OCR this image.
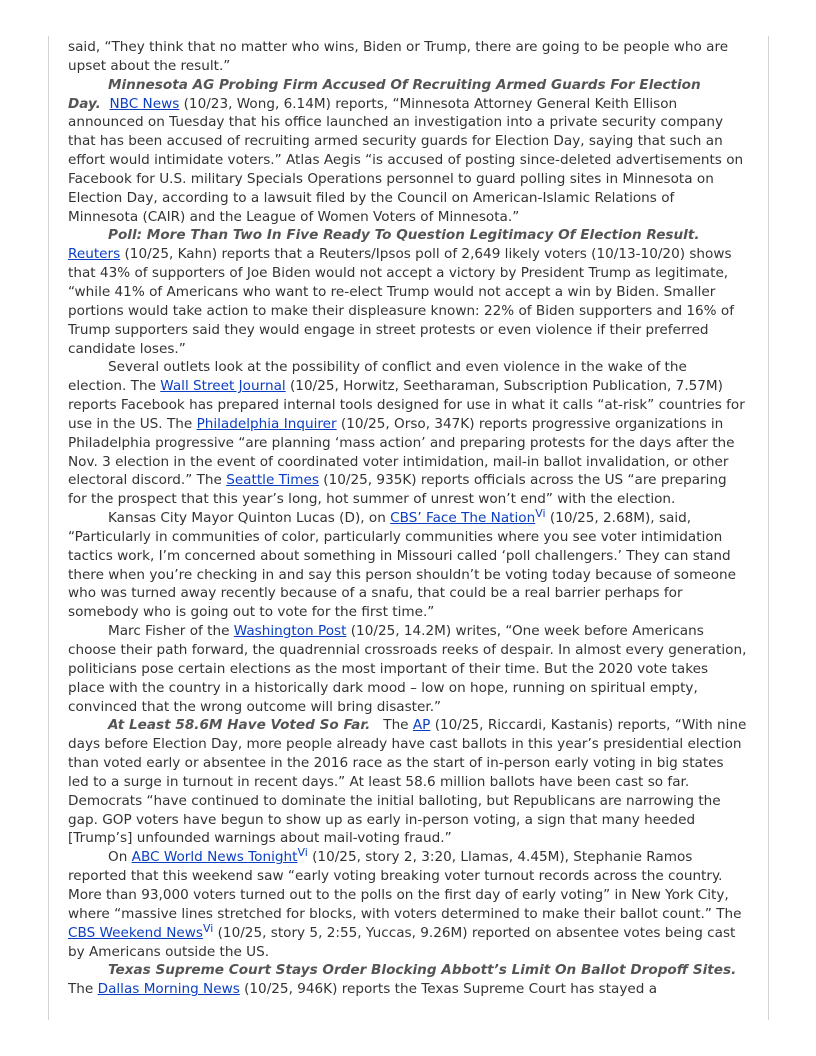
said, “They think that no matter who wins, Biden or Trump, there are going to be people who are upset about the result.”

Minnesota AG Probing Firm Accused Of Recruiting Armed Guards For Election Day. NBC News (10/23, Wong, 6.14M) reports, “Minnesota Attorney General Keith Ellison announced on Tuesday that his office launched an investigation into a private security company that has been accused of recruiting armed security guards for Election Day, saying that such an effort would intimidate voters.” Atlas Aegis “is accused of posting since-deleted advertisements on Facebook for U.S. military Specials Operations personnel to guard polling sites in Minnesota on Election Day, according to a lawsuit filed by the Council on American-Islamic Relations of Minnesota (CAIR) and the League of Women Voters of Minnesota.”

Poll: More Than Two In Five Ready To Question Legitimacy Of Election Result. Reuters (10/25, Kahn) reports that a Reuters/Ipsos poll of 2,649 likely voters (10/13-10/20) shows that 43% of supporters of Joe Biden would not accept a victory by President Trump as legitimate, “while 41% of Americans who want to re-elect Trump would not accept a win by Biden. Smaller portions would take action to make their displeasure known: 22% of Biden supporters and 16% of Trump supporters said they would engage in street protests or even violence if their preferred candidate loses.”

Several outlets look at the possibility of conflict and even violence in the wake of the election. The Wall Street Journal (10/25, Horwitz, Seetharaman, Subscription Publication, 7.57M) reports Facebook has prepared internal tools designed for use in what it calls “at-risk” countries for use in the US. The Philadelphia Inquirer (10/25, Orso, 347K) reports progressive organizations in Philadelphia progressive “are planning ‘mass action’ and preparing protests for the days after the Nov. 3 election in the event of coordinated voter intimidation, mail-in ballot invalidation, or other electoral discord.” The Seattle Times (10/25, 935K) reports officials across the US “are preparing for the prospect that this year’s long, hot summer of unrest won’t end” with the election.

Kansas City Mayor Quinton Lucas (D), on CBS’ Face The Nation$^{Vi}$ (10/25, 2.68M), said, “Particularly in communities of color, particularly communities where you see voter intimidation tactics work, I’m concerned about something in Missouri called ‘poll challengers.’ They can stand there when you’re checking in and say this person shouldn’t be voting today because of someone who was turned away recently because of a snafu, that could be a real barrier perhaps for somebody who is going out to vote for the first time.”

Marc Fisher of the Washington Post (10/25, 14.2M) writes, “One week before Americans choose their path forward, the quadrennial crossroads reeks of despair. In almost every generation, politicians pose certain elections as the most important of their time. But the 2020 vote takes place with the country in a historically dark mood – low on hope, running on spiritual empty, convinced that the wrong outcome will bring disaster.”

At Least 58.6M Have Voted So Far.   The AP (10/25, Riccardi, Kastanis) reports, “With nine days before Election Day, more people already have cast ballots in this year’s presidential election than voted early or absentee in the 2016 race as the start of in-person early voting in big states led to a surge in turnout in recent days.” At least 58.6 million ballots have been cast so far. Democrats “have continued to dominate the initial balloting, but Republicans are narrowing the gap. GOP voters have begun to show up as early in-person voting, a sign that many heeded [Trump’s] unfounded warnings about mail-voting fraud.”

On ABC World News Tonight$^{Vi}$ (10/25, story 2, 3:20, Llamas, 4.45M), Stephanie Ramos reported that this weekend saw “early voting breaking voter turnout records across the country. More than 93,000 voters turned out to the polls on the first day of early voting” in New York City, where “massive lines stretched for blocks, with voters determined to make their ballot count.” The CBS Weekend News$^{Vi}$ (10/25, story 5, 2:55, Yuccas, 9.26M) reported on absentee votes being cast by Americans outside the US.

Texas Supreme Court Stays Order Blocking Abbott’s Limit On Ballot Dropoff Sites.   The Dallas Morning News (10/25, 946K) reports the Texas Supreme Court has stayed a
